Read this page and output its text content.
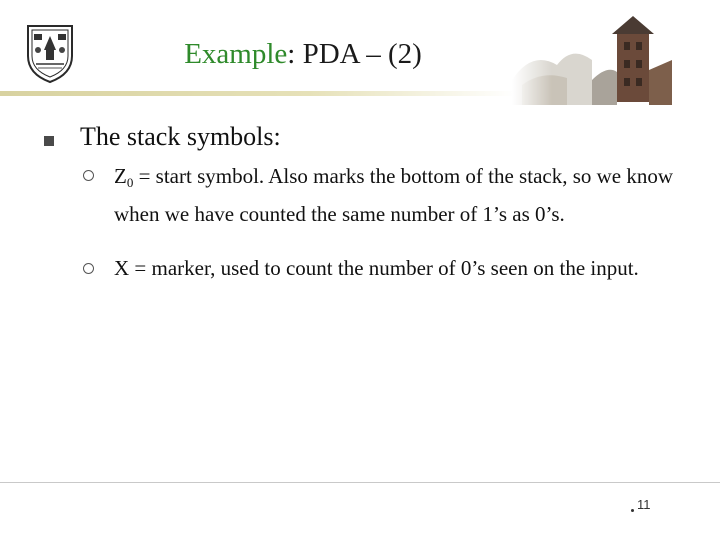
Example: PDA – (2)
The stack symbols:
$Z_0$ = start symbol. Also marks the bottom of the stack, so we know when we have counted the same number of 1’s as 0’s.
X = marker, used to count the number of 0’s seen on the input.
11
